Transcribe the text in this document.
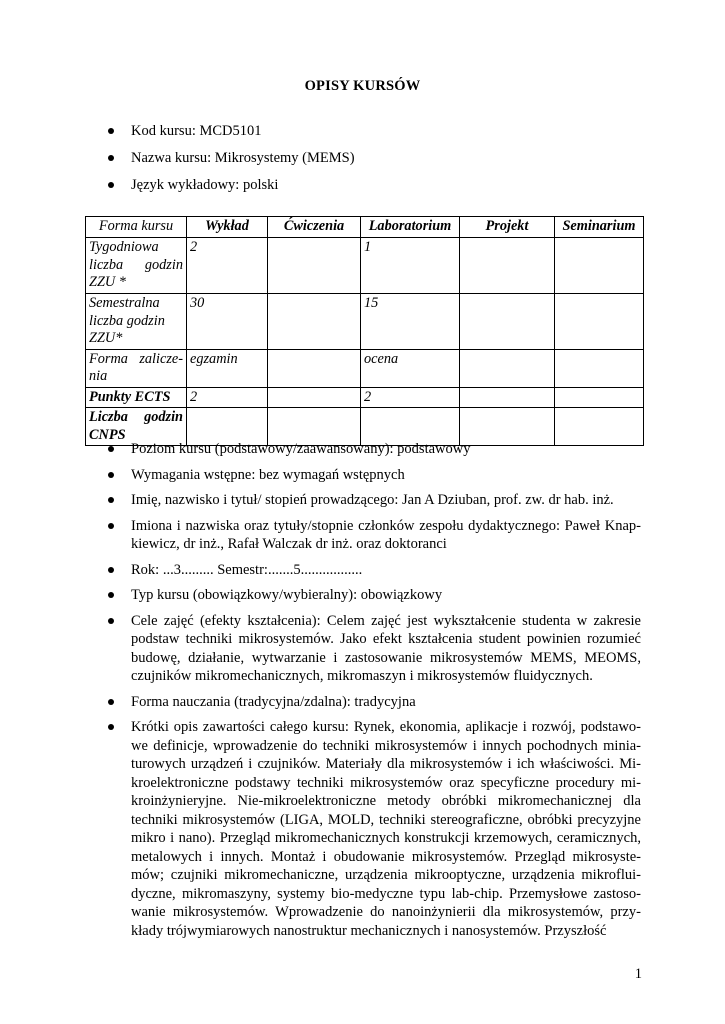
OPISY KURSÓW
Kod kursu: MCD5101
Nazwa kursu: Mikrosystemy (MEMS)
Język wykładowy: polski
Forma kursu	Wykład	Ćwiczenia	Laboratorium	Projekt	Seminarium

Tygodniowa
liczba godzin
ZZU *	2		1		

Semestralna
liczba godzin
ZZU*	30		15		

Forma zalicze-
nia	egzamin		ocena		
Punkty ECTS	2		2		

Liczba godzin
CNPS					
Poziom kursu (podstawowy/zaawansowany): podstawowy
Wymagania wstępne: bez wymagań wstępnych
Imię, nazwisko i tytuł/ stopień prowadzącego: Jan A Dziuban, prof. zw. dr hab. inż.
Imiona i nazwiska oraz tytuły/stopnie członków zespołu dydaktycznego: Paweł Knap-kiewicz, dr inż., Rafał Walczak dr inż. oraz doktoranci
Rok: ...3......... Semestr:.......5.................
Typ kursu (obowiązkowy/wybieralny): obowiązkowy
Cele zajęć (efekty kształcenia): Celem zajęć jest wykształcenie studenta w zakresie podstaw techniki mikrosystemów. Jako efekt kształcenia student powinien rozumieć budowę, działanie, wytwarzanie i zastosowanie mikrosystemów MEMS, MEOMS, czujników mikromechanicznych, mikromaszyn i mikrosystemów fluidycznych.
Forma nauczania (tradycyjna/zdalna): tradycyjna
Krótki opis zawartości całego kursu: Rynek, ekonomia, aplikacje i rozwój, podstawo-we definicje, wprowadzenie do techniki mikrosystemów i innych pochodnych minia-turowych urządzeń i czujników. Materiały dla mikrosystemów i ich właściwości. Mi-kroelektroniczne podstawy techniki mikrosystemów oraz specyficzne procedury mi-kroinżynieryjne. Nie-mikroelektroniczne metody obróbki mikromechanicznej dla techniki mikrosystemów (LIGA, MOLD, techniki stereograficzne, obróbki precyzyjne mikro i nano). Przegląd mikromechanicznych konstrukcji krzemowych, ceramicznych, metalowych i innych. Montaż i obudowanie mikrosystemów. Przegląd mikrosyste-mów; czujniki mikromechaniczne, urządzenia mikrooptyczne, urządzenia mikroflui-dyczne, mikromaszyny, systemy bio-medyczne typu lab-chip. Przemysłowe zastoso-wanie mikrosystemów. Wprowadzenie do nanoinżynierii dla mikrosystemów, przy-kłady trójwymiarowych nanostruktur mechanicznych i nanosystemów. Przyszłość
1
